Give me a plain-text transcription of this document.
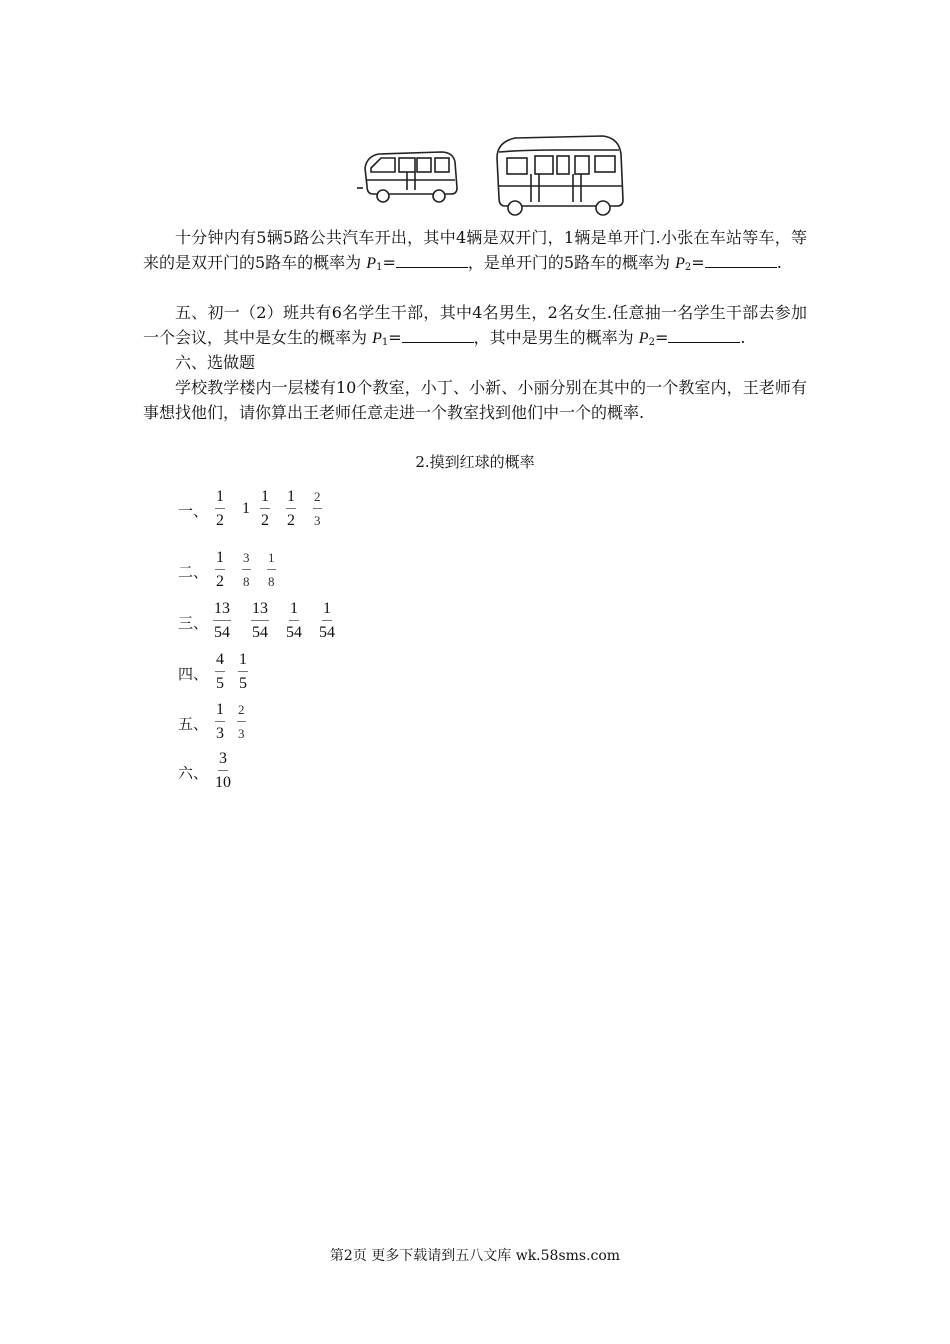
十分钟内有5辆5路公共汽车开出，其中4辆是双开门，1辆是单开门.小张在车站等车，等来的是双开门的5路车的概率为 $P_1=$	，是单开门的5路车的概率为 $P_2=$	.

五、初一（2）班共有6名学生干部，其中4名男生，2名女生.任意抽一名学生干部去参加一个会议，其中是女生的概率为 $P_1=$	，其中是男生的概率为 $P_2=$	.

六、选做题

学校教学楼内一层楼有10个教室，小丁、小新、小丽分别在其中的一个教室内，王老师有事想找他们，请你算出王老师任意走进一个教室找到他们中一个的概率.

2.摸到红球的概率
一、 $\frac{1}{2} 1 \frac{1}{2} \frac{1}{2} \frac{2}{3}$
二、 $\frac{1}{2} \frac{3}{8} \frac{1}{8}$
三、 $\frac{13}{54} \frac{13}{54} \frac{1}{54} \frac{1}{54}$
四、 $\frac{4}{5} \frac{1}{5}$
五、 $\frac{1}{3} \frac{2}{3}$
六、 $\frac{3}{10}$
第2页 更多下载请到五八文库 wk.58sms.com
